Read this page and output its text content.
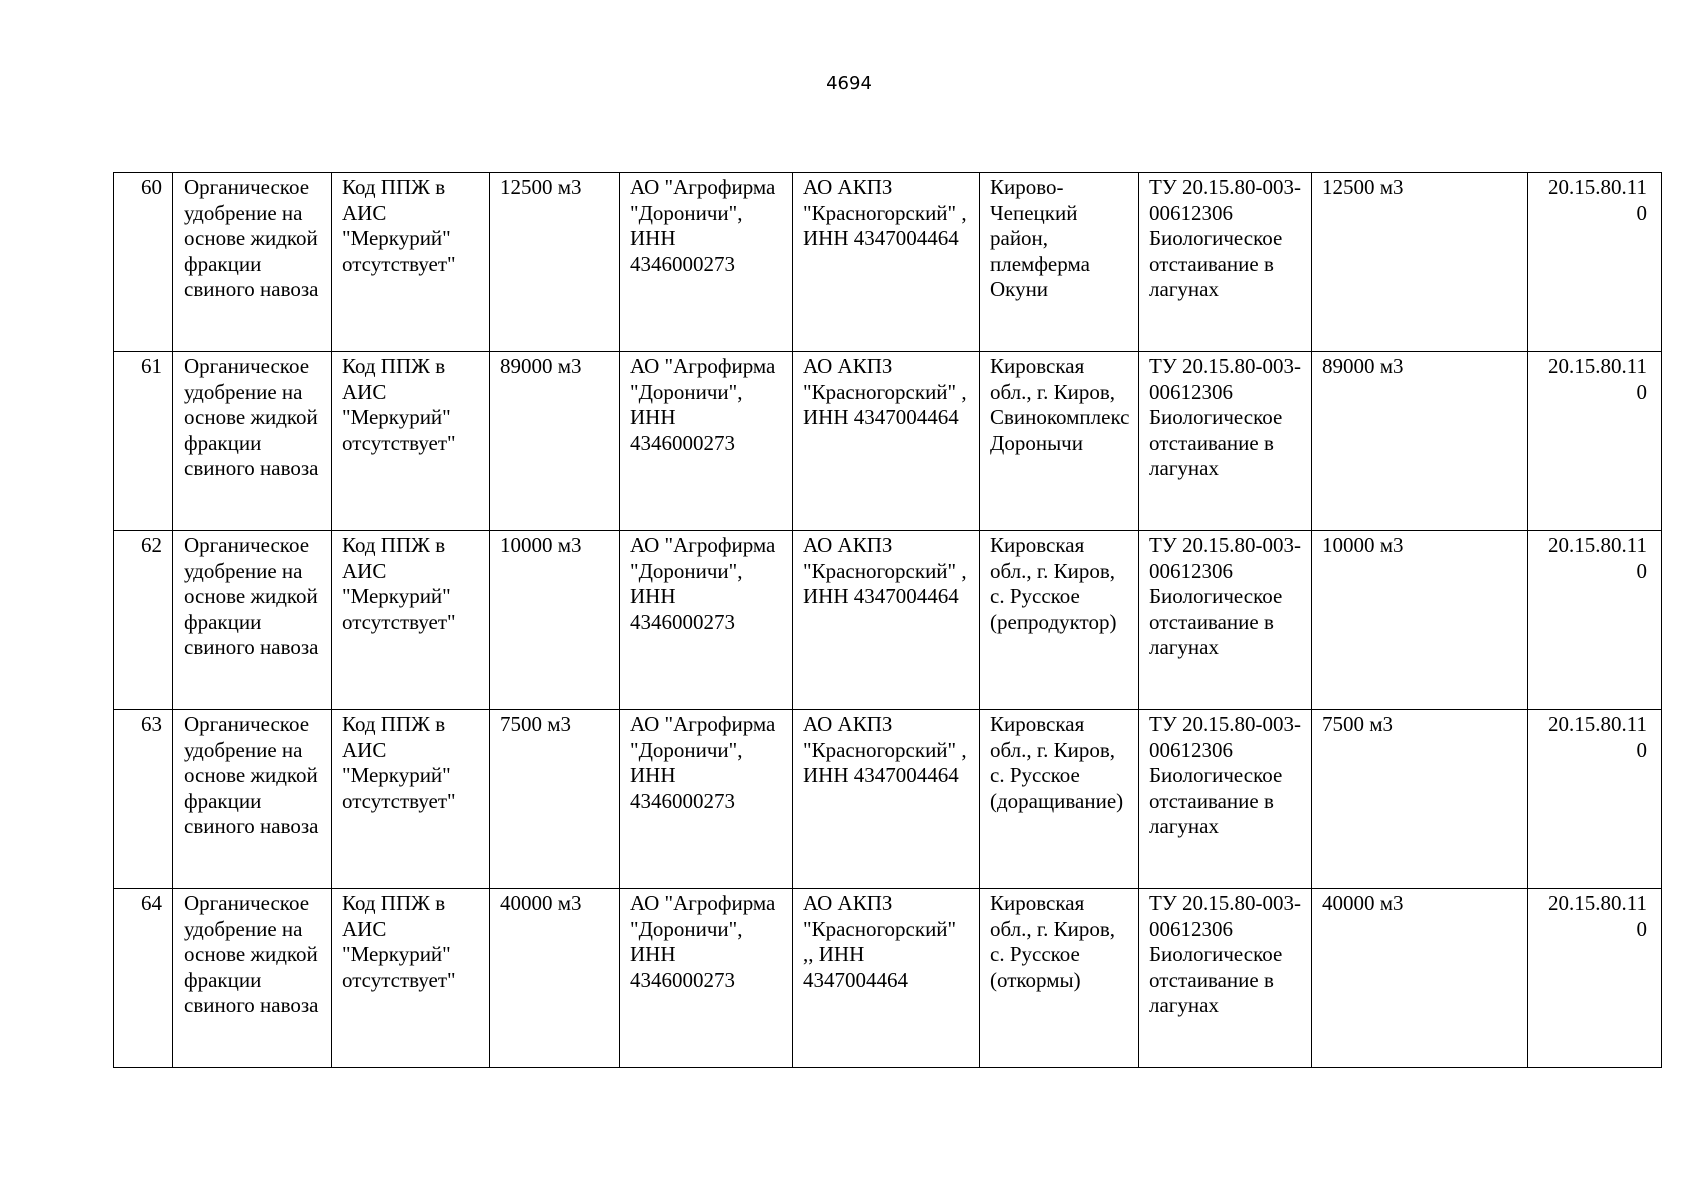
4694
60	Органическое удобрение на основе жидкой фракции свиного навоза	Код ППЖ в АИС "Меркурий" отсутствует"	12500 м3	АО "Агрофирма "Дороничи", ИНН 4346000273	АО АКПЗ "Красногорский" , ИНН 4347004464	Кирово-Чепецкий район, племферма Окуни	ТУ 20.15.80-003-00612306 Биологическое отстаивание в лагунах	12500 м3	20.15.80.110
61	Органическое удобрение на основе жидкой фракции свиного навоза	Код ППЖ в АИС "Меркурий" отсутствует"	89000 м3	АО "Агрофирма "Дороничи", ИНН 4346000273	АО АКПЗ "Красногорский" , ИНН 4347004464	Кировская обл., г. Киров, Свинокомплекс Доронычи	ТУ 20.15.80-003-00612306 Биологическое отстаивание в лагунах	89000 м3	20.15.80.110
62	Органическое удобрение на основе жидкой фракции свиного навоза	Код ППЖ в АИС "Меркурий" отсутствует"	10000 м3	АО "Агрофирма "Дороничи", ИНН 4346000273	АО АКПЗ "Красногорский" , ИНН 4347004464	Кировская обл., г. Киров, с. Русское (репродуктор)	ТУ 20.15.80-003-00612306 Биологическое отстаивание в лагунах	10000 м3	20.15.80.110
63	Органическое удобрение на основе жидкой фракции свиного навоза	Код ППЖ в АИС "Меркурий" отсутствует"	7500 м3	АО "Агрофирма "Дороничи", ИНН 4346000273	АО АКПЗ "Красногорский" , ИНН 4347004464	Кировская обл., г. Киров, с. Русское (доращивание)	ТУ 20.15.80-003-00612306 Биологическое отстаивание в лагунах	7500 м3	20.15.80.110
64	Органическое удобрение на основе жидкой фракции свиного навоза	Код ППЖ в АИС "Меркурий" отсутствует"	40000 м3	АО "Агрофирма "Дороничи", ИНН 4346000273	АО АКПЗ "Красногорский" ,, ИНН 4347004464	Кировская обл., г. Киров, с. Русское (откормы)	ТУ 20.15.80-003-00612306 Биологическое отстаивание в лагунах	40000 м3	20.15.80.110
